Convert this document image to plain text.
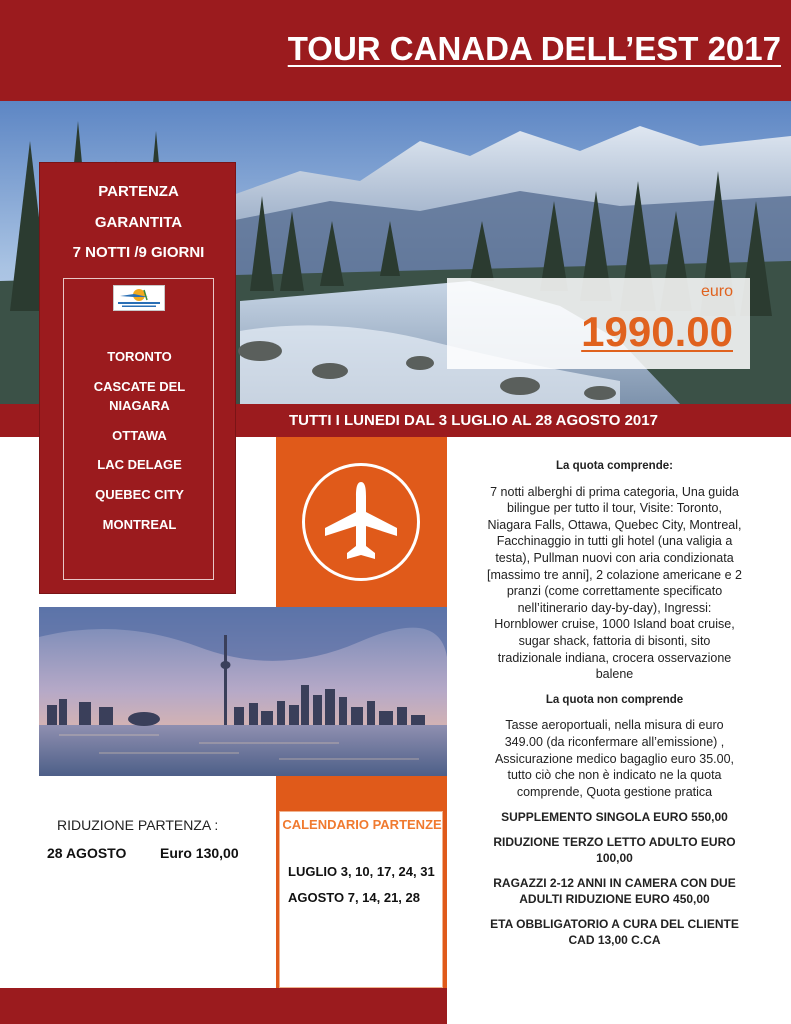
TOUR CANADA DELL’EST 2017
euro
1990.00
TUTTI I LUNEDI DAL 3 LUGLIO AL 28 AGOSTO 2017
PARTENZA
GARANTITA
7 NOTTI /9 GIORNI
TORONTO
CASCATE DEL NIAGARA
OTTAWA
LAC DELAGE
QUEBEC CITY
MONTREAL
CALENDARIO PARTENZE
LUGLIO 3, 10, 17, 24, 31
AGOSTO 7, 14, 21, 28
RIDUZIONE PARTENZA :
28 AGOSTO Euro 130,00

La quota comprende:

7 notti alberghi di prima categoria, Una guida bilingue per tutto il tour, Visite: Toronto, Niagara Falls, Ottawa, Quebec City, Montreal, Facchinaggio in tutti gli hotel (una valigia a testa), Pullman nuovi con aria condizionata [massimo tre anni], 2 colazione americane e 2 pranzi (come correttamente specificato nell’itinerario day-by-day), Ingressi: Hornblower cruise, 1000 Island boat cruise, sugar shack, fattoria di bisonti, sito tradizionale indiana, crocera osservazione balene

La quota non comprende

Tasse aeroportuali, nella misura di euro 349.00 (da riconfermare all’emissione) , Assicurazione medico bagaglio euro 35.00, tutto ciò che non è indicato ne la quota comprende, Quota gestione pratica

SUPPLEMENTO SINGOLA EURO 550,00

RIDUZIONE TERZO LETTO ADULTO EURO 100,00

RAGAZZI 2-12 ANNI IN CAMERA CON DUE ADULTI RIDUZIONE EURO 450,00

ETA OBBLIGATORIO A CURA DEL CLIENTE CAD 13,00 C.CA
